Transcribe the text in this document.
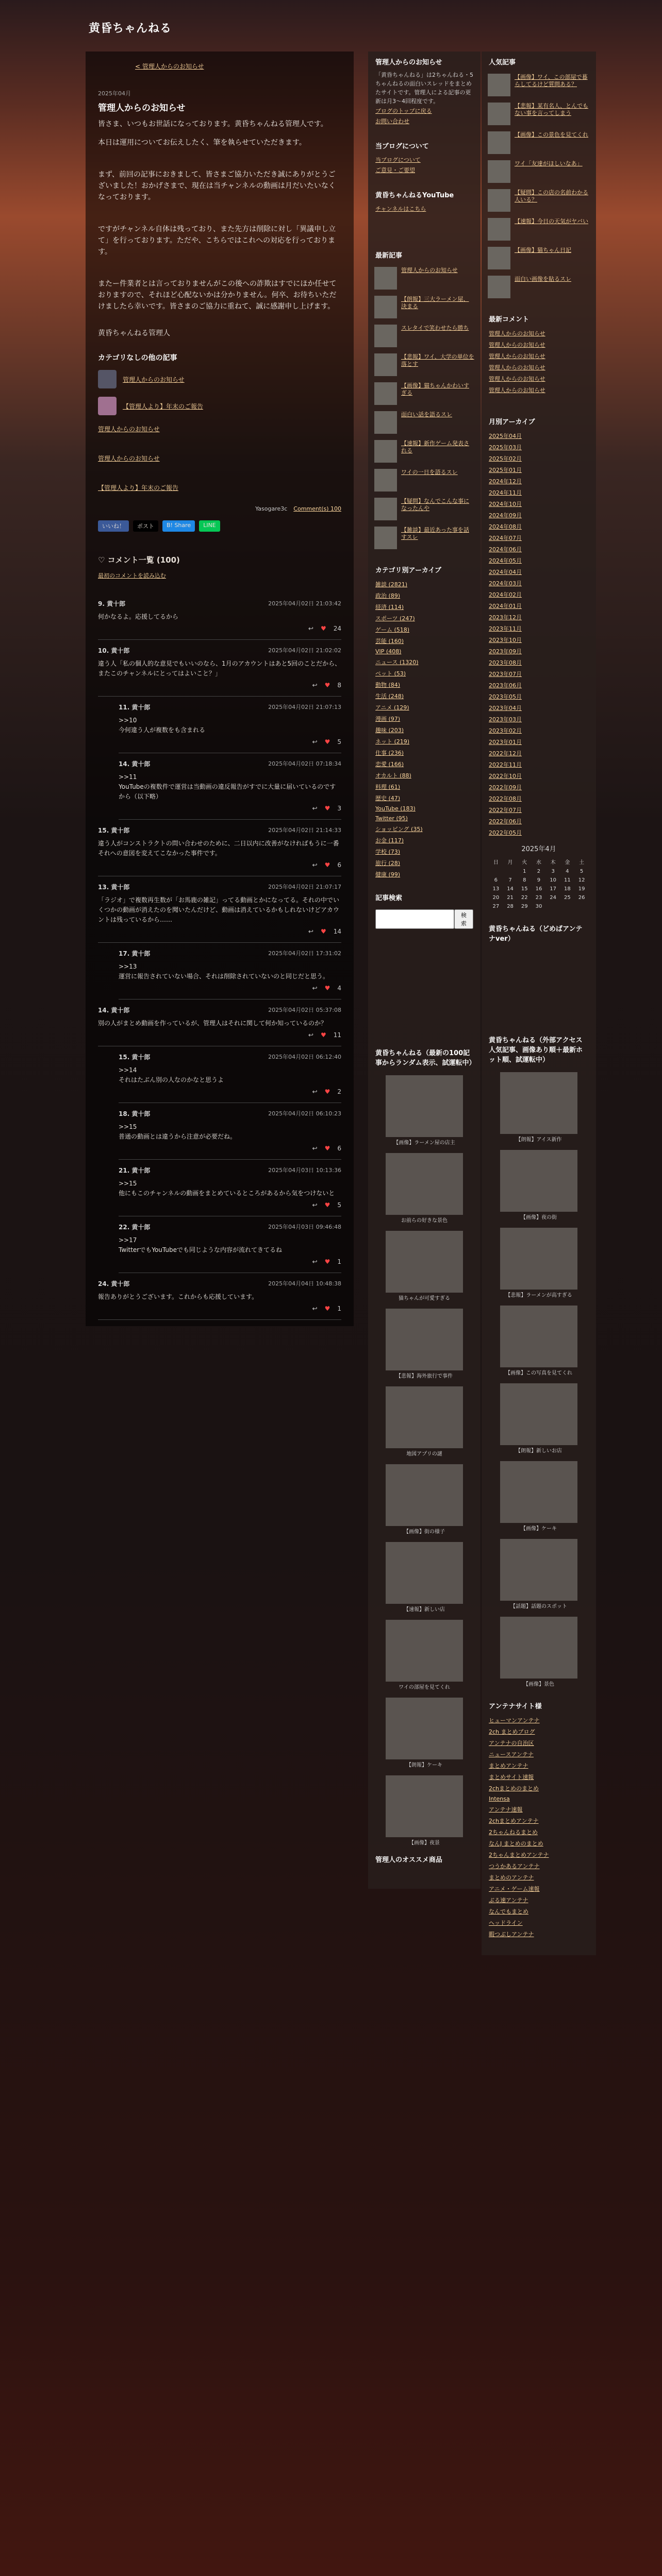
黄昏ちゃんねる
< 管理人からのお知らせ
2025年04月
管理人からのお知らせ

皆さま、いつもお世話になっております。黄昏ちゃんねる管理人です。

本日は運用についてお伝えしたく、筆を執らせていただきます。

まず、前回の記事におきまして、皆さまご協力いただき誠にありがとうございました！おかげさまで、現在は当チャンネルの動画は月だいたいなくなっております。

ですがチャンネル自体は残っており、また先方は削除に対し「異議申し立て」を行っております。ただや、こちらではこれへの対応を行っております。

またー件業者とは言っておりませんがこの後への詐欺はすでにほか任せておりますので、それほど心配ないかは分かりません。何卒、お待ちいただけましたら幸いです。皆さまのご協力に重ねて、誠に感謝申し上げます。

黄昏ちゃんねる管理人

カテゴリなしの他の記事
管理人からのお知らせ
【管理人より】年末のご報告
管理人からのお知らせ
管理人からのお知らせ
【管理人より】年末のご報告
Yasogare3c Comment(s) 100
いいね！	ポスト	B! Share	LINE
♡ コメント一覧 (100)
最初のコメントを読み込む
9. 黄十郎	2025年04月02日 21:03:42
何かなるよ。応援してるから
↩ ♥ 24
10. 黄十郎	2025年04月02日 21:02:02
違う人「私の個人的な意見でもいいのなら、1月のアカウントはあと5回のことだから、またこのチャンネルにとってはよいこと？」
↩ ♥ 8
11. 黄十郎	2025年04月02日 21:07:13
>>10
今何違う人が複数をも含まれる
↩ ♥ 5
14. 黄十郎	2025年04月02日 07:18:34
>>11
YouTubeの複数件で運営は当動画の違反報告がすでに大量に届いているのですから（以下略）
↩ ♥ 3
15. 黄十郎	2025年04月02日 21:14:33
違う人がコンストラクトの問い合わせのために、二日以内に改善がなければもうに一番それへの意図を変えてこなかった事件です。
↩ ♥ 6
13. 黄十郎	2025年04月02日 21:07:17
「ラジオ」で複数再生数が「お馬鹿の雑記」ってる動画とかになってる。それの中でいくつかの動画が消えたのを聞いたんだけど、動画は消えているかもしれないけどアカウントは残っているから……
↩ ♥ 14
17. 黄十郎	2025年04月02日 17:31:02
>>13
運営に報告されていない場合、それは削除されていないのと同じだと思う。
↩ ♥ 4
14. 黄十郎	2025年04月02日 05:37:08
別の人がまとめ動画を作っているが、管理人はそれに関して何か知っているのか？
↩ ♥ 11
15. 黄十郎	2025年04月02日 06:12:40
>>14
それはたぶん別の人なのかなと思うよ
↩ ♥ 2
18. 黄十郎	2025年04月02日 06:10:23
>>15
普通の動画とは違うから注意が必要だね。
↩ ♥ 6
21. 黄十郎	2025年04月03日 10:13:36
>>15
他にもこのチャンネルの動画をまとめているところがあるから気をつけないと
↩ ♥ 5
22. 黄十郎	2025年04月03日 09:46:48
>>17
TwitterでもYouTubeでも同じような内容が流れてきてるね
↩ ♥ 1
24. 黄十郎	2025年04月04日 10:48:38
報告ありがとうございます。これからも応援しています。
↩ ♥ 1
管理人からのお知らせ
「黄昏ちゃんねる」は2ちゃんねる・5ちゃんねるの面白いスレッドをまとめたサイトです。管理人による記事の更新は月3〜4回程度です。
ブログのトップに戻る
お問い合わせ
当ブログについて
当ブログについて
ご意見・ご要望
黄昏ちゃんねるYouTube
チャンネルはこちら
最新記事
管理人からのお知らせ
【朗報】三大ラーメン屋、決まる
スレタイで笑わせたら勝ち
【悲報】ワイ、大学の単位を落とす
【画像】猫ちゃんかわいすぎる
面白い話を語るスレ
【速報】新作ゲーム発表される
ワイの一日を語るスレ
【疑問】なんでこんな事になったんや
【雑談】最近あった事を話すスレ
カテゴリ別アーカイブ
雑談 (2821)
政治 (89)
経済 (114)
スポーツ (247)
ゲーム (518)
芸能 (160)
VIP (408)
ニュース (1320)
ペット (53)
動物 (84)
生活 (248)
アニメ (129)
漫画 (97)
趣味 (203)
ネット (219)
仕事 (236)
恋愛 (166)
オカルト (88)
料理 (61)
歴史 (47)
YouTube (183)
Twitter (95)
ショッピング (35)
お金 (117)
学校 (73)
旅行 (28)
健康 (99)
記事検索
検索
黄昏ちゃんねる（最新の100記事からランダム表示、試運転中）
【画像】ラーメン屋の店主
お前らの好きな景色
猫ちゃんが可愛すぎる
【悲報】海外旅行で事件
地図アプリの謎
【画像】街の様子
【速報】新しい店
ワイの部屋を見てくれ
【朗報】ケーキ
【画像】夜景
管理人のオススメ商品
人気記事
【画像】ワイ、この部屋で暮らしてるけど質問ある？
【悲報】某有名人、とんでもない事を言ってしまう
【画像】この景色を見てくれ
ワイ「友達がほしいなあ」
【疑問】この店の名前わかる人いる？
【速報】今日の天気がヤバい
【画像】猫ちゃん日記
面白い画像を貼るスレ
最新コメント
管理人からのお知らせ
管理人からのお知らせ
管理人からのお知らせ
管理人からのお知らせ
管理人からのお知らせ
管理人からのお知らせ
月別アーカイブ
2025年04月
2025年03月
2025年02月
2025年01月
2024年12月
2024年11月
2024年10月
2024年09月
2024年08月
2024年07月
2024年06月
2024年05月
2024年04月
2024年03月
2024年02月
2024年01月
2023年12月
2023年11月
2023年10月
2023年09月
2023年08月
2023年07月
2023年06月
2023年05月
2023年04月
2023年03月
2023年02月
2023年01月
2022年12月
2022年11月
2022年10月
2022年09月
2022年08月
2022年07月
2022年06月
2022年05月
2025年4月
日	月	火	水	木	金	土
		1	2	3	4	5
6	7	8	9	10	11	12
13	14	15	16	17	18	19
20	21	22	23	24	25	26
27	28	29	30			
黄昏ちゃんねる（どめばアンテナver）
黄昏ちゃんねる（外部アクセス人気記事、画像あり順＋最新ホット順、試運転中）
【朗報】アイス新作
【画像】夜の街
【悲報】ラーメンが高すぎる
【画像】この写真を見てくれ
【朗報】新しいお店
【画像】ケーキ
【話題】話題のスポット
【画像】景色
アンテナサイト様
ヒューマンアンテナ
2ch まとめブログ
アンテナの自治区
ニュースアンテナ
まとめアンテナ
まとめサイト速報
2chまとめのまとめ
Intensa
アンテナ速報
2chまとめアンテナ
2ちゃんねるまとめ
なんJ まとめのまとめ
2ちゃんまとめアンテナ
つうかあるアンテナ
まとめのアンテナ
アニメ・ゲーム速報
ぶる速アンテナ
なんでもまとめ
ヘッドライン
暇つぶしアンテナ
